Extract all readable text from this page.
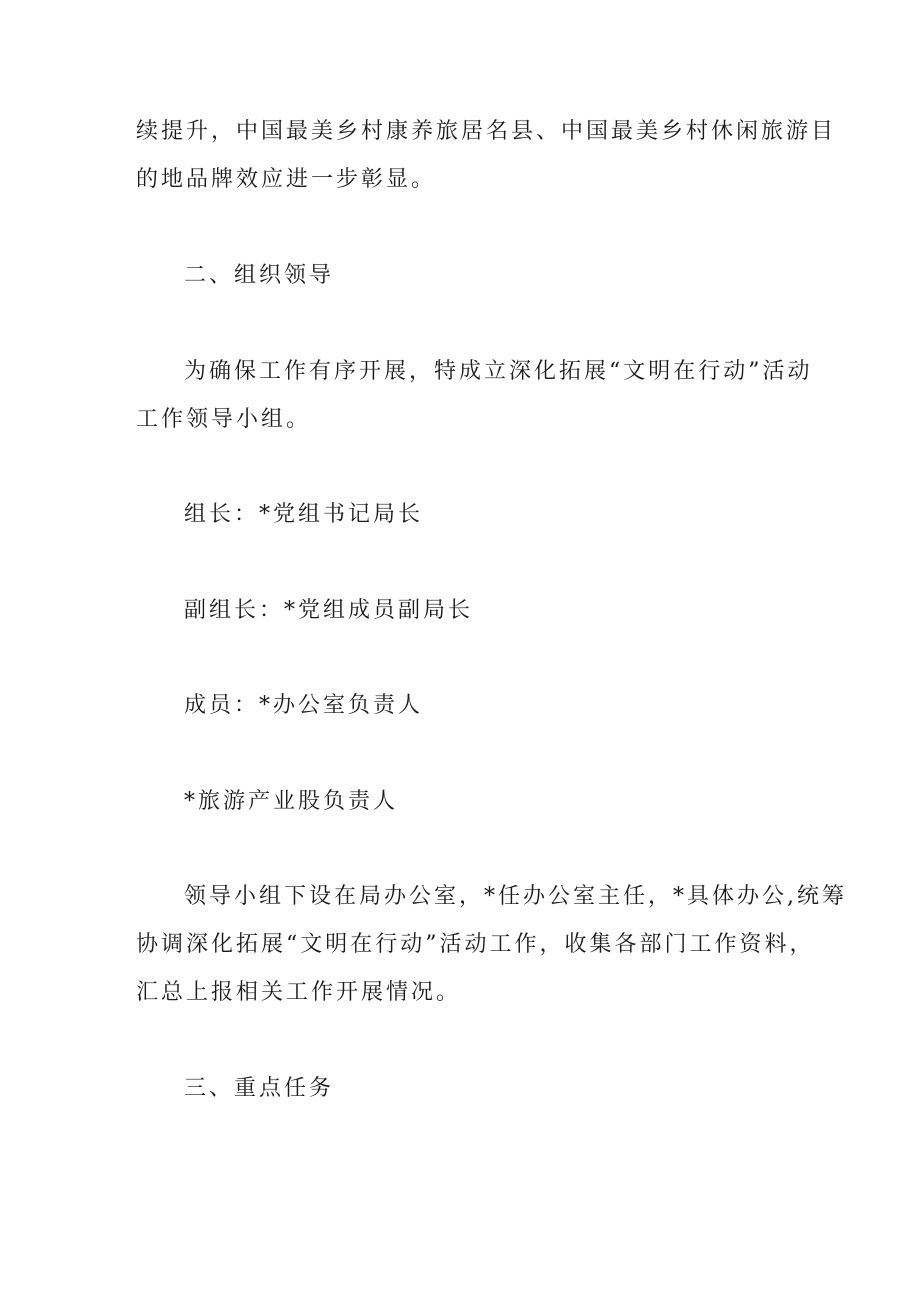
续提升，中国最美乡村康养旅居名县、中国最美乡村休闲旅游目
的地品牌效应进一步彰显。

二、组织领导

为确保工作有序开展，特成立深化拓展“文明在行动”活动
工作领导小组。

组长：*党组书记局长

副组长：*党组成员副局长

成员：*办公室负责人

*旅游产业股负责人

领导小组下设在局办公室，*任办公室主任，*具体办公,统筹
协调深化拓展“文明在行动”活动工作，收集各部门工作资料，
汇总上报相关工作开展情况。

三、重点任务
